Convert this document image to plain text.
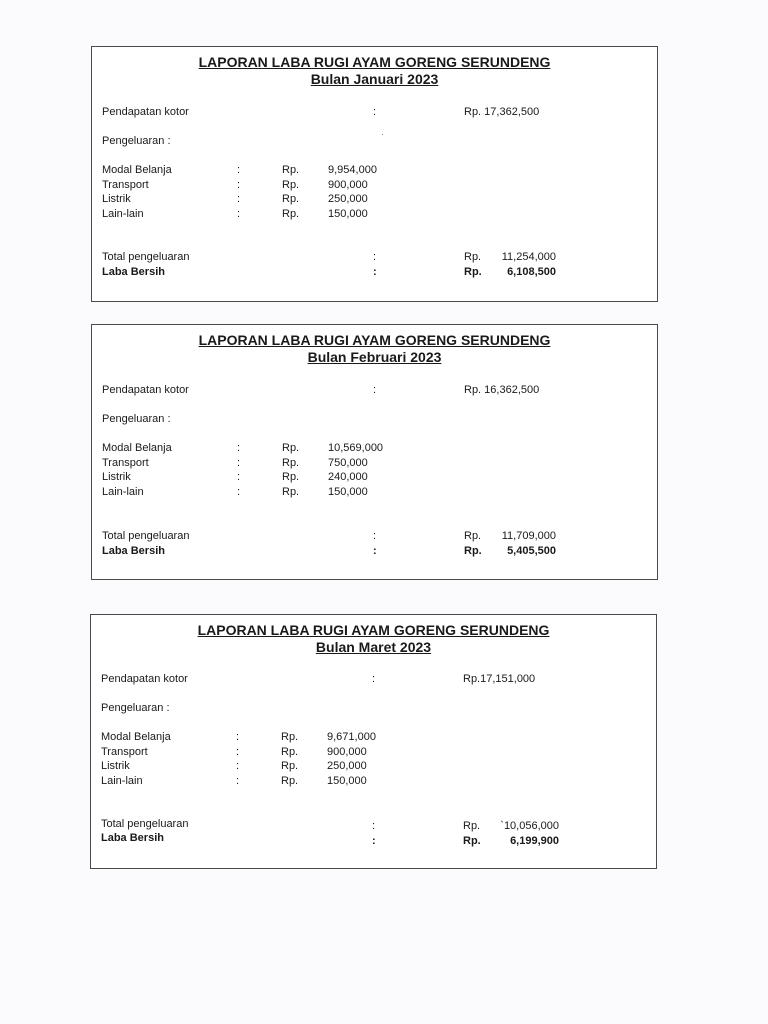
LAPORAN LABA RUGI AYAM GORENG SERUNDENG
Bulan Januari 2023
Pendapatan kotor	:	Rp. 17,362,500
·
Pengeluaran :
Modal Belanja	:	Rp.	9,954,000
Transport	:	Rp.	900,000
Listrik	:	Rp.	250,000
Lain-lain	:	Rp.	150,000
Total pengeluaran	:	Rp.	11,254,000
Laba Bersih	:	Rp.	6,108,500
LAPORAN LABA RUGI AYAM GORENG SERUNDENG
Bulan Februari 2023
Pendapatan kotor	:	Rp. 16,362,500
Pengeluaran :
Modal Belanja	:	Rp.	10,569,000
Transport	:	Rp.	750,000
Listrik	:	Rp.	240,000
Lain-lain	:	Rp.	150,000
Total pengeluaran	:	Rp.	11,709,000
Laba Bersih	:	Rp.	5,405,500
LAPORAN LABA RUGI AYAM GORENG SERUNDENG
Bulan Maret 2023
Pendapatan kotor	:	Rp.17,151,000
Pengeluaran :
Modal Belanja	:	Rp.	9,671,000
Transport	:	Rp.	900,000
Listrik	:	Rp.	250,000
Lain-lain	:	Rp.	150,000
Total pengeluaran	:	Rp.	`10,056,000
Laba Bersih	:	Rp.	6,199,900
